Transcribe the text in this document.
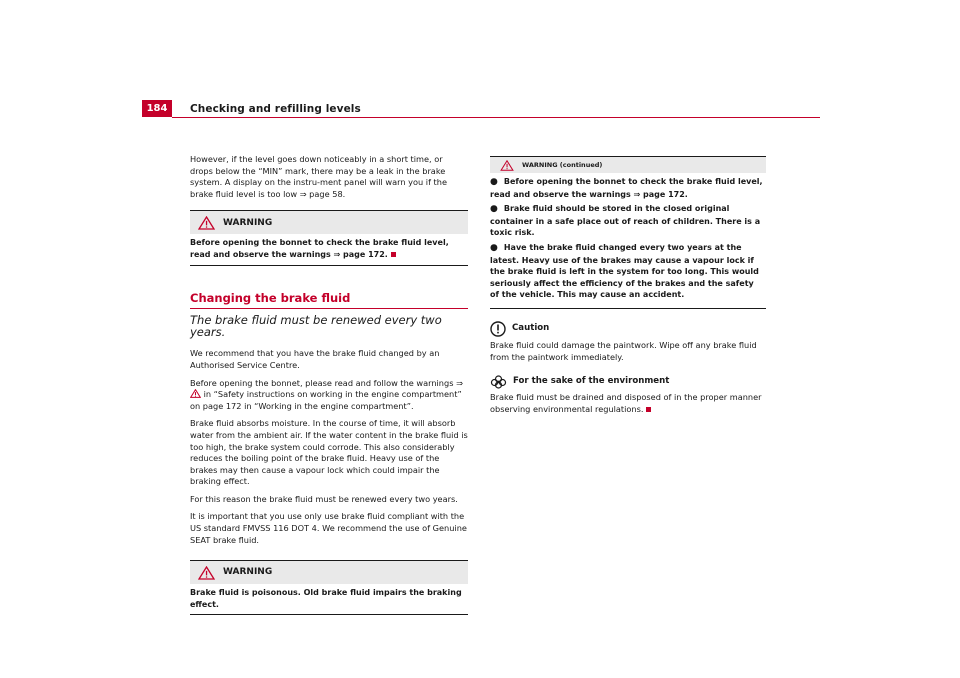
184	Checking and refilling levels

However, if the level goes down noticeably in a short time, or drops below the “MIN” mark, there may be a leak in the brake system. A display on the instru-ment panel will warn you if the brake fluid level is too low ⇒ page 58.

WARNING
Before opening the bonnet to check the brake fluid level, read and observe the warnings ⇒ page 172.
Changing the brake fluid
The brake fluid must be renewed every two years.

We recommend that you have the brake fluid changed by an Authorised Service Centre.

Before opening the bonnet, please read and follow the warnings ⇒  in “Safety instructions on working in the engine compartment” on page 172 in “Working in the engine compartment”.

Brake fluid absorbs moisture. In the course of time, it will absorb water from the ambient air. If the water content in the brake fluid is too high, the brake system could corrode. This also considerably reduces the boiling point of the brake fluid. Heavy use of the brakes may then cause a vapour lock which could impair the braking effect.

For this reason the brake fluid must be renewed every two years.

It is important that you use only use brake fluid compliant with the US standard FMVSS 116 DOT 4. We recommend the use of Genuine SEAT brake fluid.

WARNING
Brake fluid is poisonous. Old brake fluid impairs the braking effect.
WARNING (continued)
● Before opening the bonnet to check the brake fluid level, read and observe the warnings ⇒ page 172.
● Brake fluid should be stored in the closed original container in a safe place out of reach of children. There is a toxic risk.
● Have the brake fluid changed every two years at the latest. Heavy use of the brakes may cause a vapour lock if the brake fluid is left in the system for too long. This would seriously affect the efficiency of the brakes and the safety of the vehicle. This may cause an accident.
Caution

Brake fluid could damage the paintwork. Wipe off any brake fluid from the paintwork immediately.

For the sake of the environment

Brake fluid must be drained and disposed of in the proper manner observing environmental regulations.
